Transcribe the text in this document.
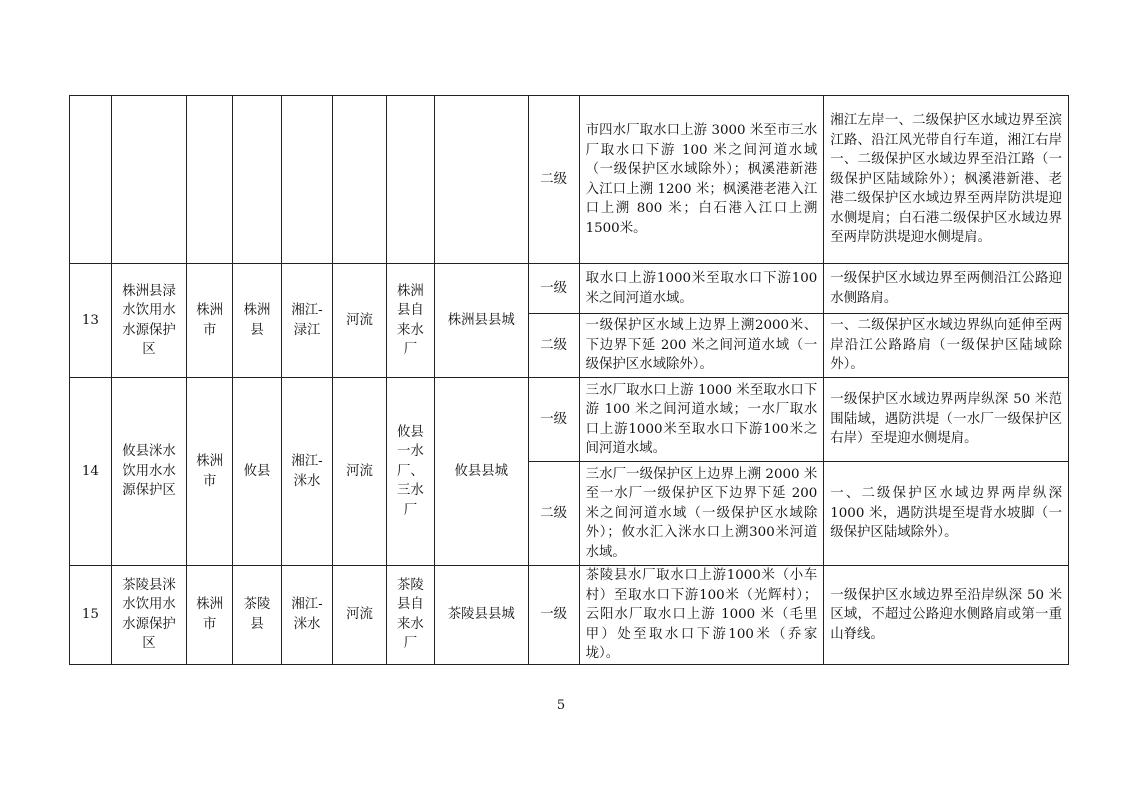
								二级	市四水厂取水口上游 3000 米至市三水厂取水口下游 100 米之间河道水域（一级保护区水域除外）；枫溪港新港入江口上溯 1200 米；枫溪港老港入江口上溯 800 米；白石港入江口上溯1500米。	湘江左岸一、二级保护区水域边界至滨江路、沿江风光带自行车道，湘江右岸一、二级保护区水域边界至沿江路（一级保护区陆域除外）；枫溪港新港、老港二级保护区水域边界至两岸防洪堤迎水侧堤肩；白石港二级保护区水域边界至两岸防洪堤迎水侧堤肩。
13	株洲县渌水饮用水水源保护区	株洲市	株洲县	湘江-渌江	河流	株洲县自来水厂	株洲县县城	一级	取水口上游1000米至取水口下游100米之间河道水域。	一级保护区水域边界至两侧沿江公路迎水侧路肩。
								二级	一级保护区水域上边界上溯2000米、下边界下延 200 米之间河道水域（一级保护区水域除外）。	一、二级保护区水域边界纵向延伸至两岸沿江公路路肩（一级保护区陆域除外）。
14	攸县洣水饮用水水源保护区	株洲市	攸县	湘江-洣水	河流	攸县一水厂、三水厂	攸县县城	一级	三水厂取水口上游 1000 米至取水口下游 100 米之间河道水域；一水厂取水口上游1000米至取水口下游100米之间河道水域。	一级保护区水域边界两岸纵深 50 米范围陆域，遇防洪堤（一水厂一级保护区右岸）至堤迎水侧堤肩。
								二级	三水厂一级保护区上边界上溯 2000 米至一水厂一级保护区下边界下延 200 米之间河道水域（一级保护区水域除外）；攸水汇入洣水口上溯300米河道水域。	一、二级保护区水域边界两岸纵深 1000 米，遇防洪堤至堤背水坡脚（一级保护区陆域除外）。
15	茶陵县洣水饮用水水源保护区	株洲市	茶陵县	湘江-洣水	河流	茶陵县自来水厂	茶陵县县城	一级	茶陵县水厂取水口上游1000米（小车村）至取水口下游100米（光辉村）；云阳水厂取水口上游 1000 米（毛里甲）处至取水口下游100米（乔家垅）。	一级保护区水域边界至沿岸纵深 50 米区域，不超过公路迎水侧路肩或第一重山脊线。
5
